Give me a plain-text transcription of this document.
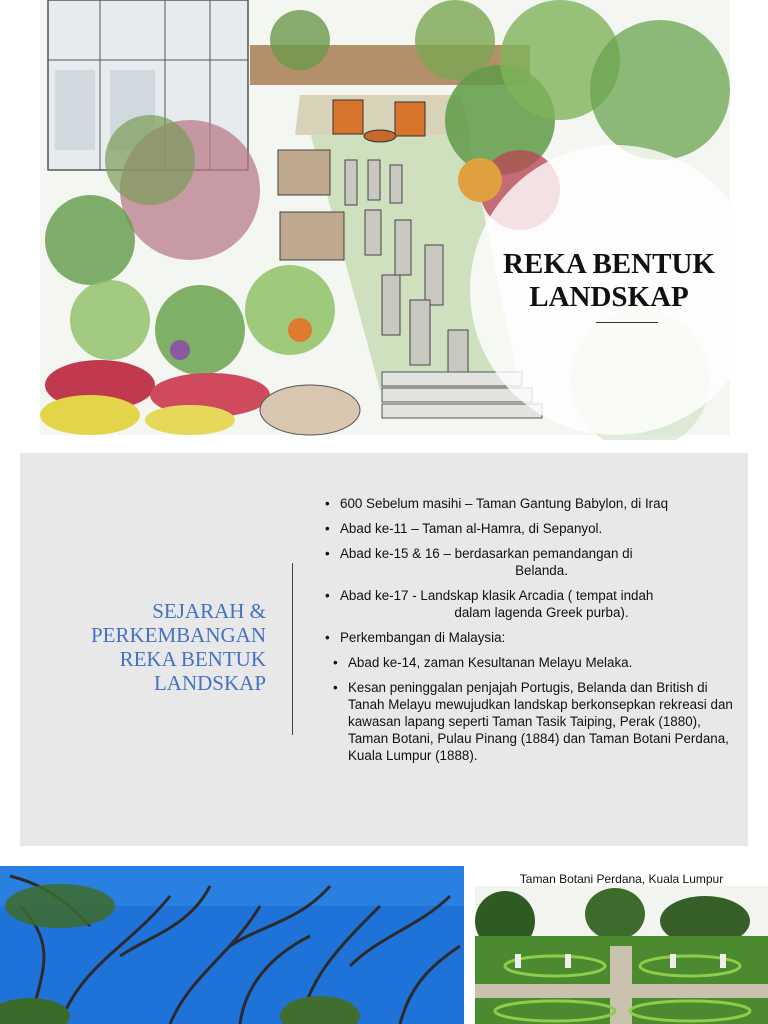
REKA BENTUK
LANDSKAP
SEJARAH &
PERKEMBANGAN
REKA BENTUK
LANDSKAP
• 600 Sebelum masihi – Taman Gantung Babylon, di Iraq
• Abad ke-11 – Taman al-Hamra, di Sepanyol.
• Abad ke-15 & 16 – berdasarkan pemandangan di
Belanda.
• Abad ke-17 - Landskap klasik Arcadia ( tempat indah
dalam lagenda Greek purba).
• Perkembangan di Malaysia:
• Abad ke-14, zaman Kesultanan Melayu Melaka.
• Kesan peninggalan penjajah Portugis, Belanda dan British di Tanah Melayu mewujudkan landskap berkonsepkan rekreasi dan kawasan lapang seperti Taman Tasik Taiping, Perak (1880), Taman Botani, Pulau Pinang (1884) dan Taman Botani Perdana, Kuala Lumpur (1888).
Taman Botani Perdana, Kuala Lumpur
